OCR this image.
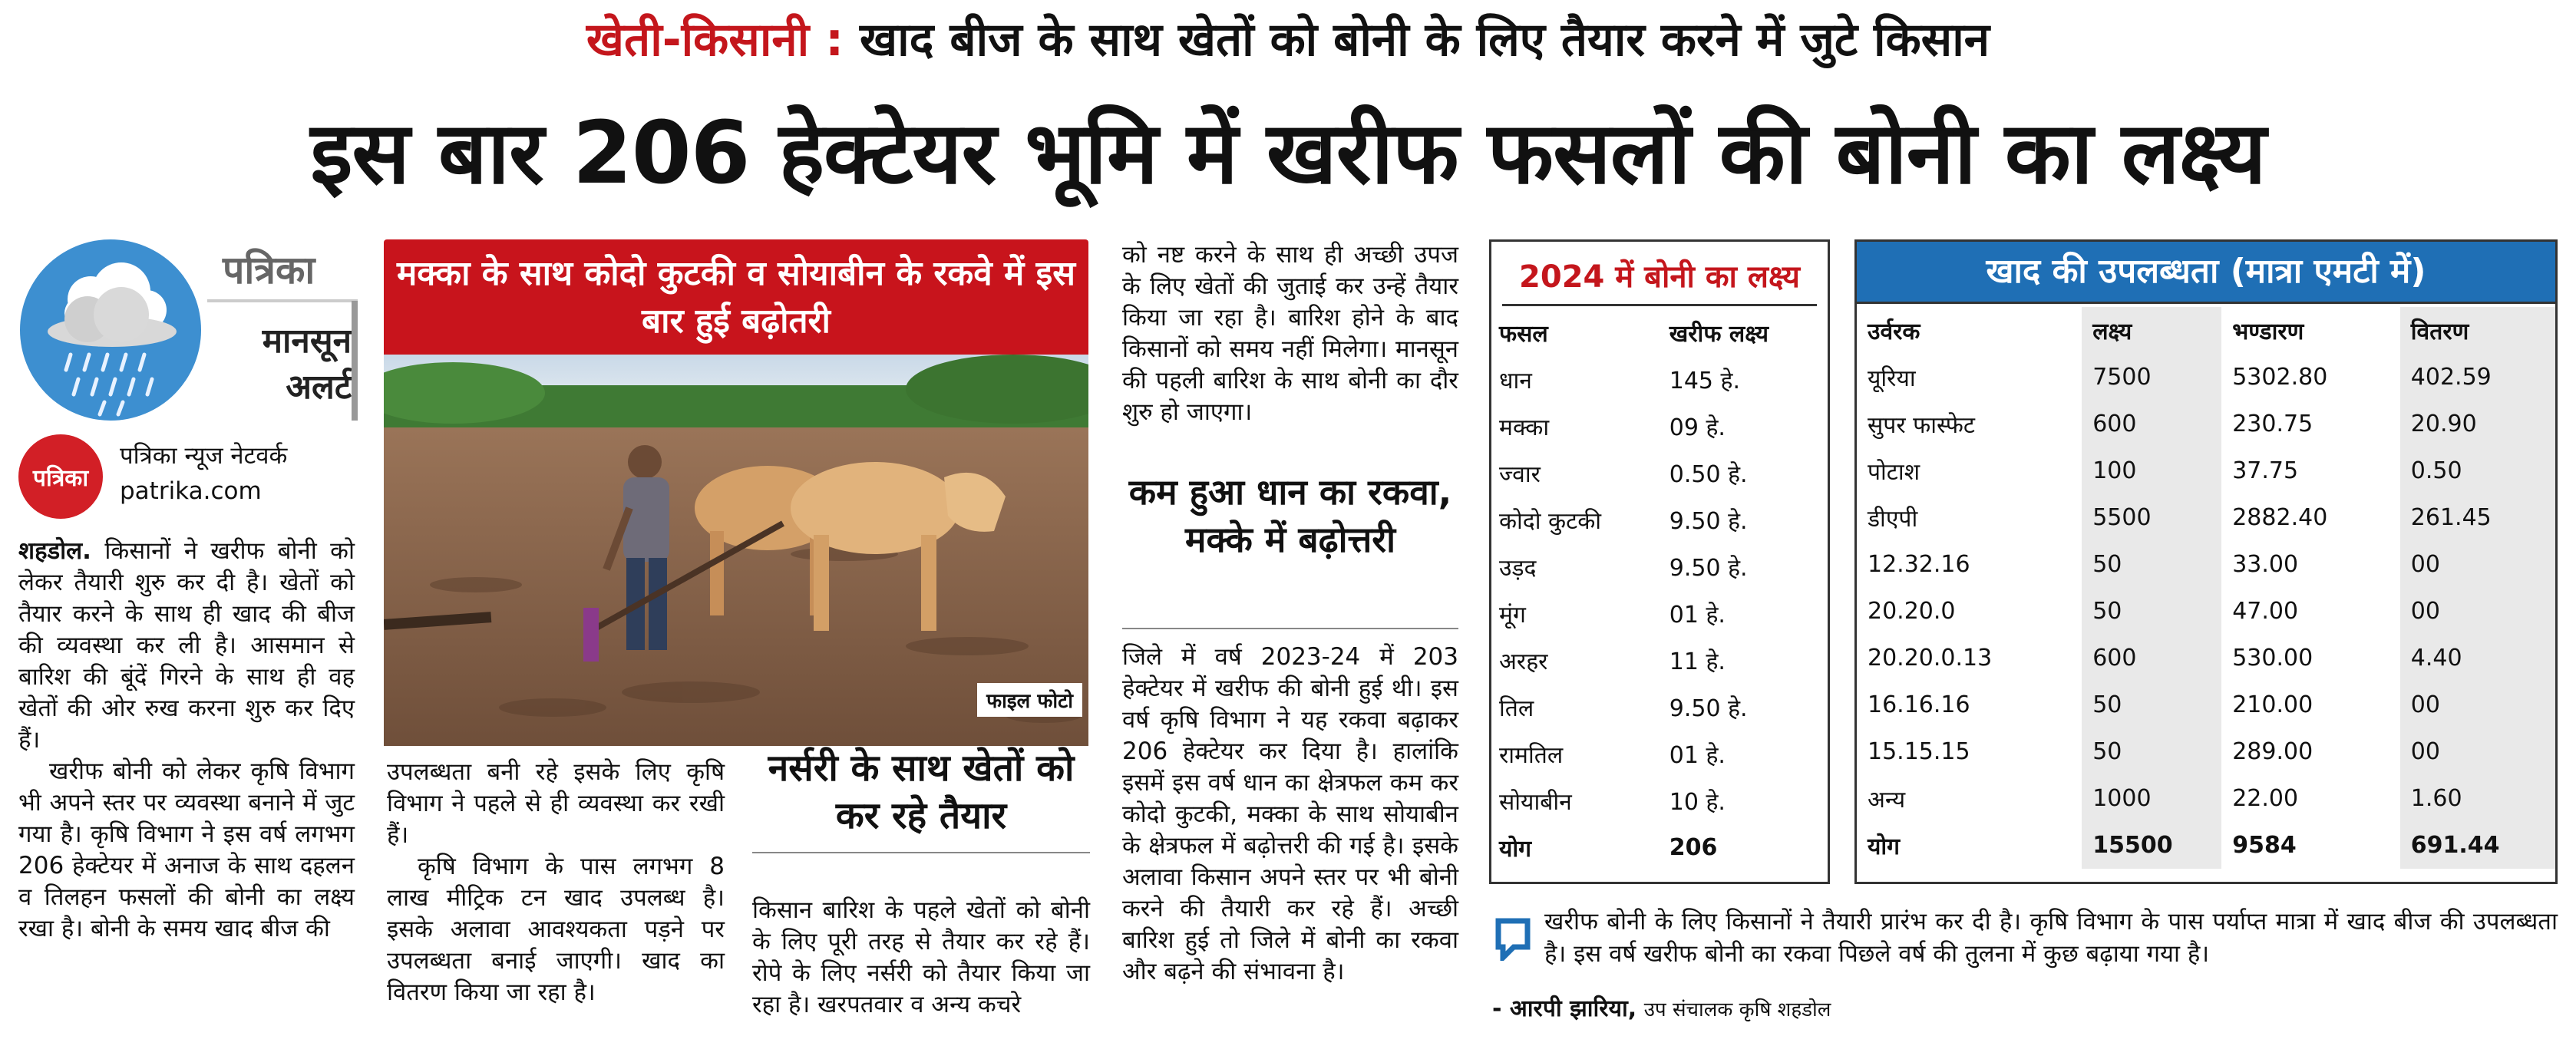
खेती-किसानी : खाद बीज के साथ खेतों को बोनी के लिए तैयार करने में जुटे किसान
इस बार 206 हेक्टेयर भूमि में खरीफ फसलों की बोनी का लक्ष्य
पत्रिका
मानसून
अलर्ट
पत्रिका
पत्रिका न्यूज नेटवर्क
patrika.com

शहडोल. किसानों ने खरीफ बोनी को लेकर तैयारी शुरु कर दी है। खेतों को तैयार करने के साथ ही खाद की बीज की व्यवस्था कर ली है। आसमान से बारिश की बूंदें गिरने के साथ ही वह खेतों की ओर रुख करना शुरु कर दिए हैं।

खरीफ बोनी को लेकर कृषि विभाग भी अपने स्तर पर व्यवस्था बनाने में जुट गया है। कृषि विभाग ने इस वर्ष लगभग 206 हेक्टेयर में अनाज के साथ दहलन व तिलहन फसलों की बोनी का लक्ष्य रखा है। बोनी के समय खाद बीज की

मक्का के साथ कोदो कुटकी व सोयाबीन के रकवे में इस बार हुई बढ़ोतरी
फाइल फोटो

उपलब्धता बनी रहे इसके लिए कृषि विभाग ने पहले से ही व्यवस्था कर रखी हैं।

कृषि विभाग के पास लगभग 8 लाख मीट्रिक टन खाद उपलब्ध है। इसके अलावा आवश्यकता पड़ने पर उपलब्धता बनाई जाएगी। खाद का वितरण किया जा रहा है।

नर्सरी के साथ खेतों को कर रहे तैयार
किसान बारिश के पहले खेतों को बोनी के लिए पूरी तरह से तैयार कर रहे हैं। रोपे के लिए नर्सरी को तैयार किया जा रहा है। खरपतवार व अन्य कचरे
को नष्ट करने के साथ ही अच्छी उपज के लिए खेतों की जुताई कर उन्हें तैयार किया जा रहा है। बारिश होने के बाद किसानों को समय नहीं मिलेगा। मानसून की पहली बारिश के साथ बोनी का दौर शुरु हो जाएगा।
कम हुआ धान का रकवा, मक्के में बढ़ोत्तरी
जिले में वर्ष 2023-24 में 203 हेक्टेयर में खरीफ की बोनी हुई थी। इस वर्ष कृषि विभाग ने यह रकवा बढ़ाकर 206 हेक्टेयर कर दिया है। हालांकि इसमें इस वर्ष धान का क्षेत्रफल कम कर कोदो कुटकी, मक्का के साथ सोयाबीन के क्षेत्रफल में बढ़ोत्तरी की गई है। इसके अलावा किसान अपने स्तर पर भी बोनी करने की तैयारी कर रहे हैं। अच्छी बारिश हुई तो जिले में बोनी का रकवा और बढ़ने की संभावना है।
2024 में बोनी का लक्ष्य
फसल	खरीफ लक्ष्य
धान	145 हे.
मक्का	09 हे.
ज्वार	0.50 हे.
कोदो कुटकी	9.50 हे.
उड़द	9.50 हे.
मूंग	01 हे.
अरहर	11 हे.
तिल	9.50 हे.
रामतिल	01 हे.
सोयाबीन	10 हे.
योग	206
खाद की उपलब्धता (मात्रा एमटी में)
उर्वरक	लक्ष्य	भण्डारण	वितरण
यूरिया	7500	5302.80	402.59
सुपर फास्फेट	600	230.75	20.90
पोटाश	100	37.75	0.50
डीएपी	5500	2882.40	261.45
12.32.16	50	33.00	00
20.20.0	50	47.00	00
20.20.0.13	600	530.00	4.40
16.16.16	50	210.00	00
15.15.15	50	289.00	00
अन्य	1000	22.00	1.60
योग	15500	9584	691.44
खरीफ बोनी के लिए किसानों ने तैयारी प्रारंभ कर दी है। कृषि विभाग के पास पर्याप्त मात्रा में खाद बीज की उपलब्धता है। इस वर्ष खरीफ बोनी का रकवा पिछले वर्ष की तुलना में कुछ बढ़ाया गया है।
- आरपी झारिया, उप संचालक कृषि शहडोल
